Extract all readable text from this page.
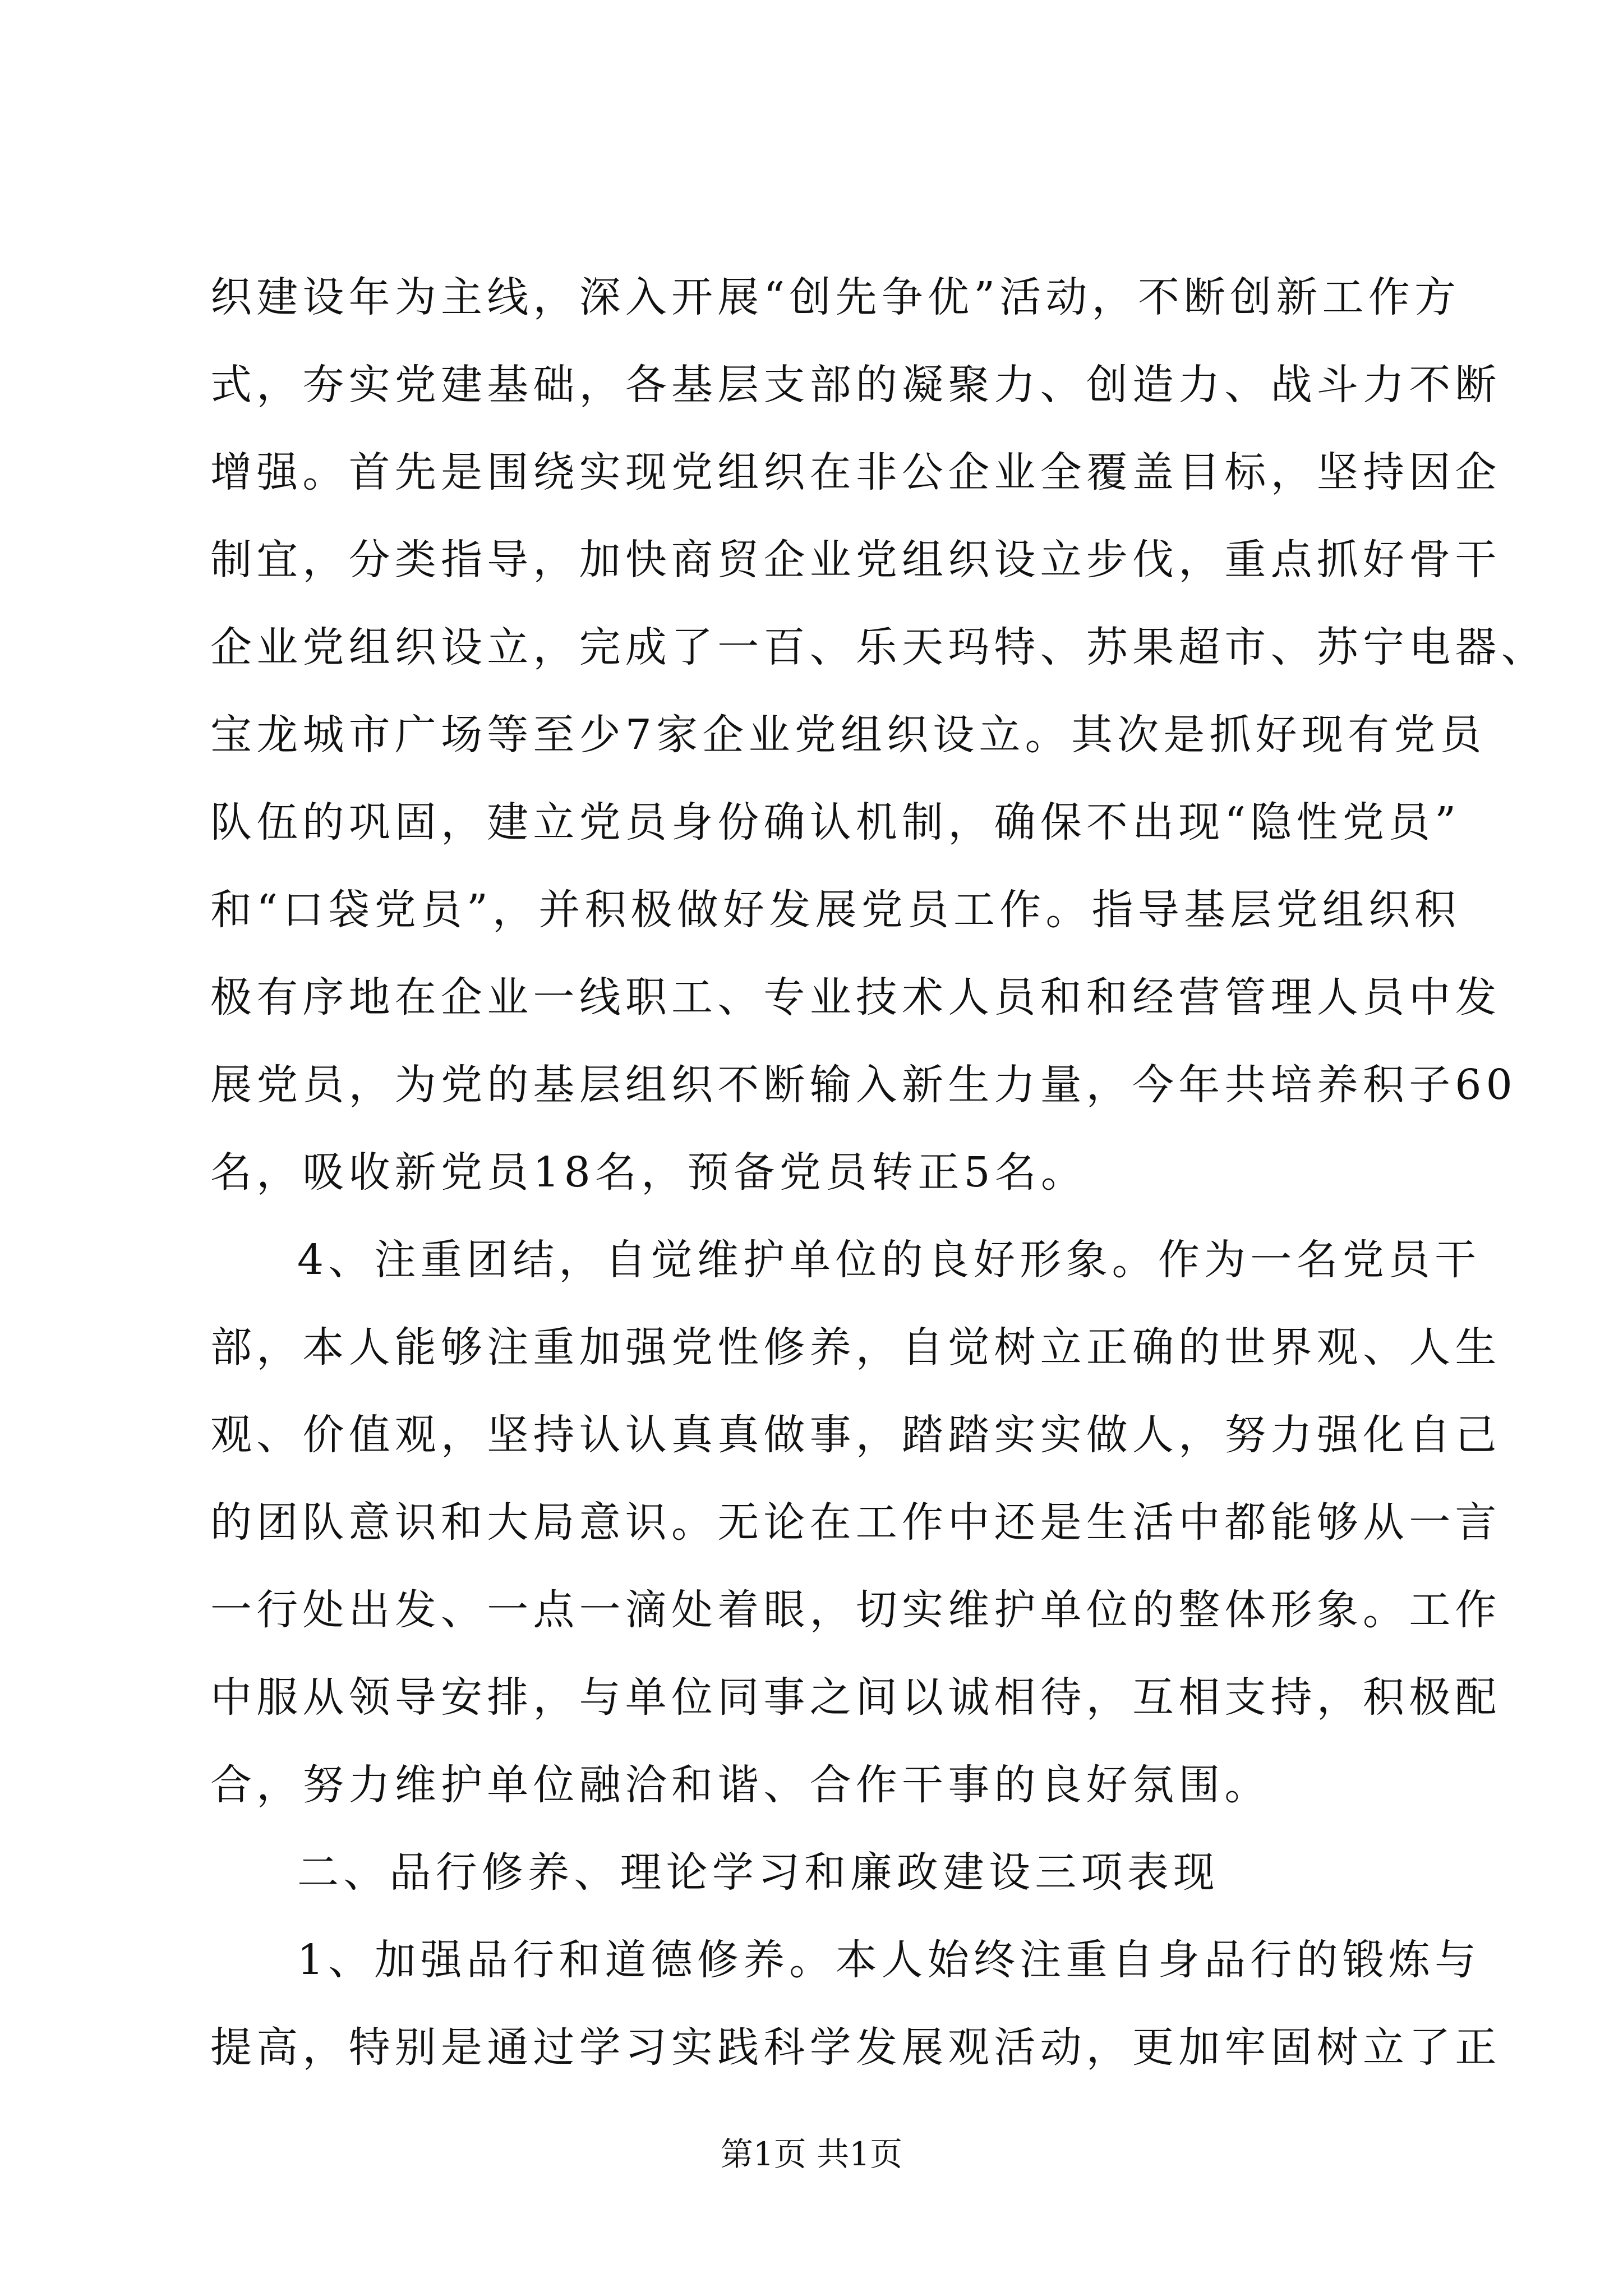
织建设年为主线，深入开展“创先争优”活动，不断创新工作方
式，夯实党建基础，各基层支部的凝聚力、创造力、战斗力不断
增强。首先是围绕实现党组织在非公企业全覆盖目标，坚持因企
制宜，分类指导，加快商贸企业党组织设立步伐，重点抓好骨干
企业党组织设立，完成了一百、乐天玛特、苏果超市、苏宁电器、
宝龙城市广场等至少7家企业党组织设立。其次是抓好现有党员
队伍的巩固，建立党员身份确认机制，确保不出现“隐性党员”
和“口袋党员”，并积极做好发展党员工作。指导基层党组织积
极有序地在企业一线职工、专业技术人员和和经营管理人员中发
展党员，为党的基层组织不断输入新生力量，今年共培养积子60
名，吸收新党员18名，预备党员转正5名。
4、注重团结，自觉维护单位的良好形象。作为一名党员干
部，本人能够注重加强党性修养，自觉树立正确的世界观、人生
观、价值观，坚持认认真真做事，踏踏实实做人，努力强化自己
的团队意识和大局意识。无论在工作中还是生活中都能够从一言
一行处出发、一点一滴处着眼，切实维护单位的整体形象。工作
中服从领导安排，与单位同事之间以诚相待，互相支持，积极配
合，努力维护单位融洽和谐、合作干事的良好氛围。
二、品行修养、理论学习和廉政建设三项表现
1、加强品行和道德修养。本人始终注重自身品行的锻炼与
提高，特别是通过学习实践科学发展观活动，更加牢固树立了正
第1页 共1页
